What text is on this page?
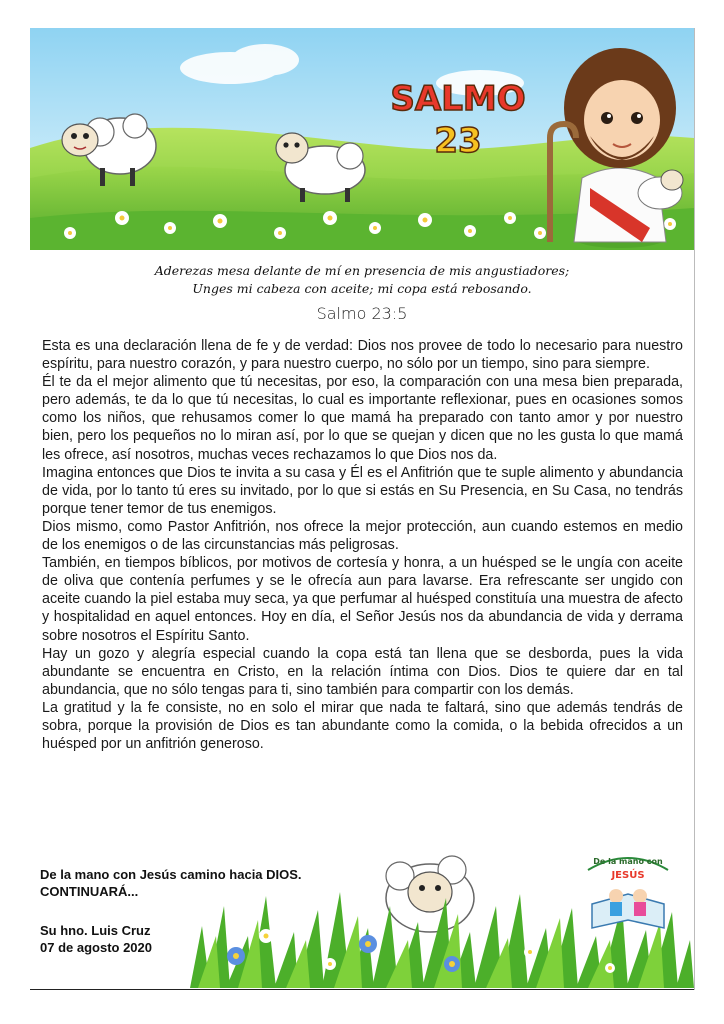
SALMO
23
Aderezas mesa delante de mí en presencia de mis angustiadores;
Unges mi cabeza con aceite; mi copa está rebosando.
Salmo 23:5

Esta es una declaración llena de fe y de verdad: Dios nos provee de todo lo necesario para nuestro espíritu, para nuestro corazón, y para nuestro cuerpo, no sólo por un tiempo, sino para siempre.

Él te da el mejor alimento que tú necesitas, por eso, la comparación con una mesa bien preparada, pero además, te da lo que tú necesitas, lo cual es importante reflexionar, pues en ocasiones somos como los niños, que rehusamos comer lo que mamá ha preparado con tanto amor y por nuestro bien, pero los pequeños no lo miran así, por lo que se quejan y dicen que no les gusta lo que mamá les ofrece, así nosotros, muchas veces rechazamos lo que Dios nos da.

Imagina entonces que Dios te invita a su casa y Él es el Anfitrión que te suple alimento y abundancia de vida, por lo tanto tú eres su invitado, por lo que si estás en Su Presencia, en Su Casa, no tendrás porque tener temor de tus enemigos.

Dios mismo, como Pastor Anfitrión, nos ofrece la mejor protección, aun cuando estemos en medio de los enemigos o de las circunstancias más peligrosas.

También, en tiempos bíblicos, por motivos de cortesía y honra, a un huésped se le ungía con aceite de oliva que contenía perfumes y se le ofrecía aun para lavarse. Era refrescante ser ungido con aceite cuando la piel estaba muy seca, ya que perfumar al huésped constituía una muestra de afecto y hospitalidad en aquel entonces. Hoy en día, el Señor Jesús nos da abundancia de vida y derrama sobre nosotros el Espíritu Santo.

Hay un gozo y alegría especial cuando la copa está tan llena que se desborda, pues la vida abundante se encuentra en Cristo, en la relación íntima con Dios. Dios te quiere dar en tal abundancia, que no sólo tengas para ti, sino también para compartir con los demás.

La gratitud y la fe consiste, no en solo el mirar que nada te faltará, sino que además tendrás de sobra, porque la provisión de Dios es tan abundante como la comida, o la bebida ofrecidos a un huésped por un anfitrión generoso.

De la mano con
JESÚS
De la mano con Jesús camino hacia DIOS.
CONTINUARÁ...
Su hno. Luis Cruz
07 de agosto 2020
